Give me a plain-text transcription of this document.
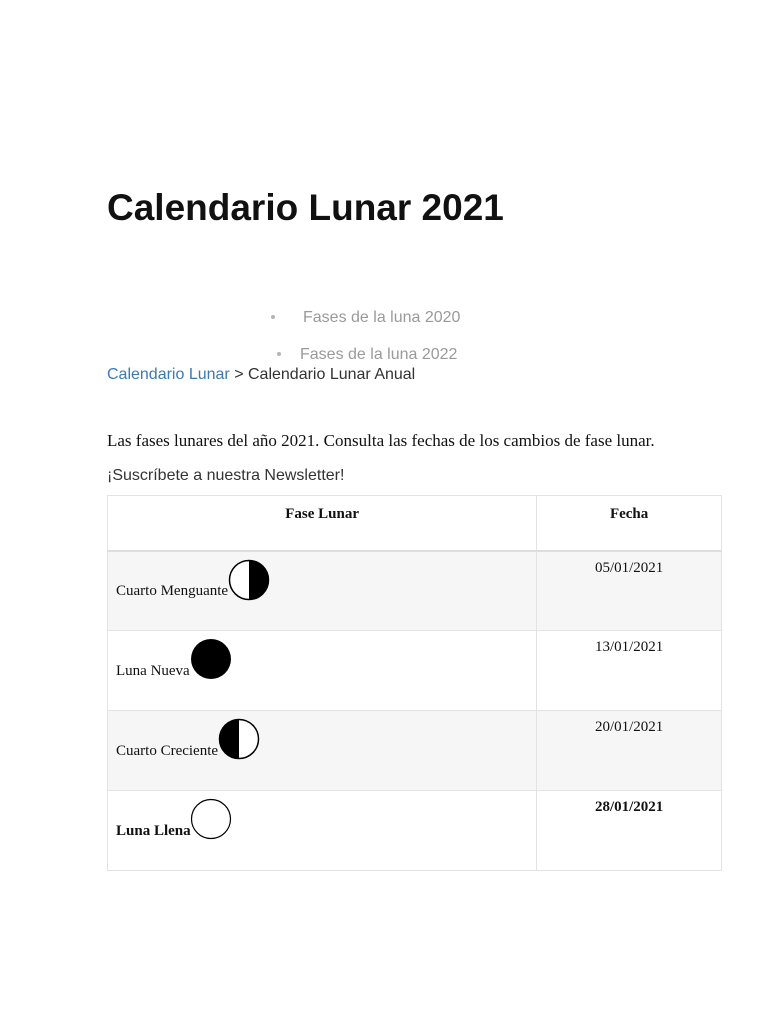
Calendario Lunar 2021
Fases de la luna 2020
Fases de la luna 2022
Calendario Lunar > Calendario Lunar Anual

Las fases lunares del año 2021. Consulta las fechas de los cambios de fase lunar.

¡Suscríbete a nuestra Newsletter!
Fase Lunar	Fecha

Cuarto Menguante	05/01/2021

Luna Nueva	13/01/2021

Cuarto Creciente	20/01/2021

Luna Llena	28/01/2021
